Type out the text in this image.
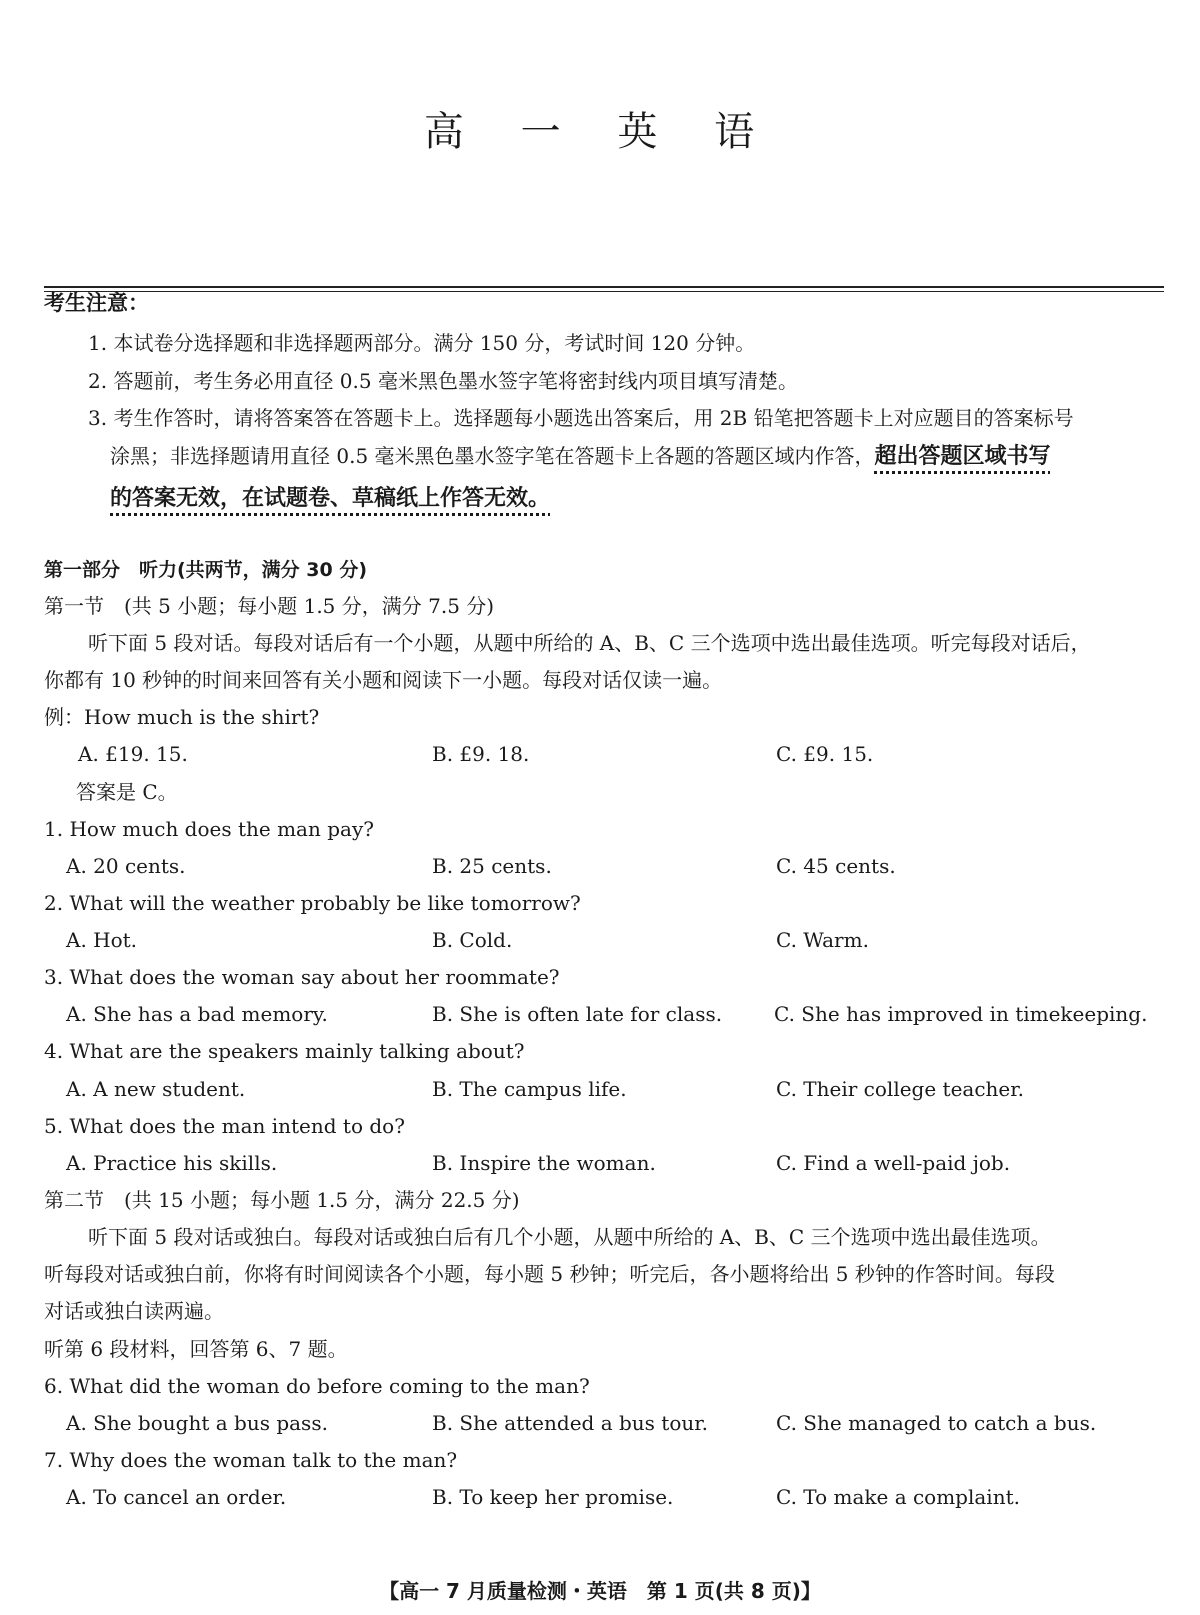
高 一 英 语
考生注意：
1. 本试卷分选择题和非选择题两部分。满分 150 分，考试时间 120 分钟。
2. 答题前，考生务必用直径 0.5 毫米黑色墨水签字笔将密封线内项目填写清楚。
3. 考生作答时，请将答案答在答题卡上。选择题每小题选出答案后，用 2B 铅笔把答题卡上对应题目的答案标号
涂黑；非选择题请用直径 0.5 毫米黑色墨水签字笔在答题卡上各题的答题区域内作答，超出答题区域书写
的答案无效，在试题卷、草稿纸上作答无效。
第一部分　听力(共两节，满分 30 分)
第一节　(共 5 小题；每小题 1.5 分，满分 7.5 分)
听下面 5 段对话。每段对话后有一个小题，从题中所给的 A、B、C 三个选项中选出最佳选项。听完每段对话后，
你都有 10 秒钟的时间来回答有关小题和阅读下一小题。每段对话仅读一遍。
例：How much is the shirt?
A. £19. 15.	B. £9. 18.	C. £9. 15.
答案是 C。
1. How much does the man pay?
A. 20 cents.	B. 25 cents.	C. 45 cents.
2. What will the weather probably be like tomorrow?
A. Hot.	B. Cold.	C. Warm.
3. What does the woman say about her roommate?
A. She has a bad memory.	B. She is often late for class.	C. She has improved in timekeeping.
4. What are the speakers mainly talking about?
A. A new student.	B. The campus life.	C. Their college teacher.
5. What does the man intend to do?
A. Practice his skills.	B. Inspire the woman.	C. Find a well-paid job.
第二节　(共 15 小题；每小题 1.5 分，满分 22.5 分)
听下面 5 段对话或独白。每段对话或独白后有几个小题，从题中所给的 A、B、C 三个选项中选出最佳选项。
听每段对话或独白前，你将有时间阅读各个小题，每小题 5 秒钟；听完后，各小题将给出 5 秒钟的作答时间。每段
对话或独白读两遍。
听第 6 段材料，回答第 6、7 题。
6. What did the woman do before coming to the man?
A. She bought a bus pass.	B. She attended a bus tour.	C. She managed to catch a bus.
7. Why does the woman talk to the man?
A. To cancel an order.	B. To keep her promise.	C. To make a complaint.
【高一 7 月质量检测・英语　第 1 页(共 8 页)】
